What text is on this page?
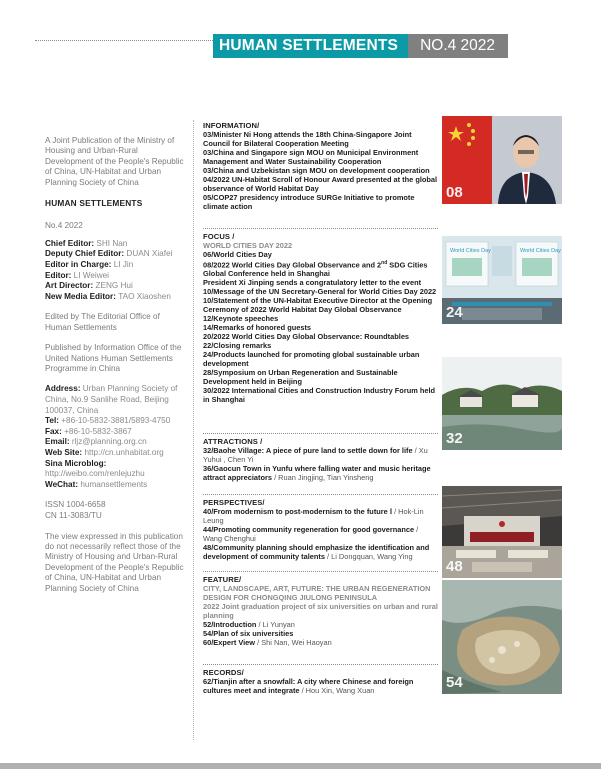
HUMAN SETTLEMENTS	NO.4 2022

A Joint Publication of the Ministry of Housing and Urban-Rural Development of the People's Republic of China, UN-Habitat and Urban Planning Society of China

HUMAN SETTLEMENTS

No.4 2022

Chief Editor: SHI Nan
Deputy Chief Editor: DUAN Xiafei
Editor in Charge: LI Jin
Editor: LI Weiwei
Art Director: ZENG Hui
New Media Editor: TAO Xiaoshen

Edited by The Editorial Office of Human Settlements

Published by Information Office of the United Nations Human Settlements Programme in China

Address: Urban Planning Society of China, No.9 Sanlihe Road, Beijing 100037, China
Tel: +86-10-5832-3881/5893-4750
Fax: +86-10-5832-3867
Email: rljz@planning.org.cn
Web Site: http://cn.unhabitat.org
Sina Microblog: http://weibo.com/renlejuzhu
WeChat: humansettlements
ISSN 1004-6658
CN 11-3083/TU

The view expressed in this publication do not necessarily reflect those of the Ministry of Housing and Urban-Rural Development of the People's Republic of China, UN-Habitat and Urban Planning Society of China

INFORMATION/
03/Minister Ni Hong attends the 18th China-Singapore Joint Council for Bilateral Cooperation Meeting
03/China and Singapore sign MOU on Municipal Environment Management and Water Sustainability Cooperation
03/China and Uzbekistan sign MOU on development cooperation
04/2022 UN-Habitat Scroll of Honour Award presented at the global observance of World Habitat Day
05/COP27 presidency introduce SURGe Initiative to promote climate action
FOCUS /
WORLD CITIES DAY 2022
06/World Cities Day
08/2022 World Cities Day Global Observance and 2nd SDG Cities
Global Conference held in Shanghai
President Xi Jinping sends a congratulatory letter to the event
10/Message of the UN Secretary-General for World Cities Day 2022
10/Statement of the UN-Habitat Executive Director at the Opening Ceremony of 2022 World Habitat Day Global Observance
12/Keynote speeches
14/Remarks of honored guests
20/2022 World Cities Day Global Observance: Roundtables
22/Closing remarks
24/Products launched for promoting global sustainable urban development
28/Symposium on Urban Regeneration and Sustainable Development held in Beijing
30/2022 International Cities and Construction Industry Forum held in Shanghai
ATTRACTIONS /
32/Baohe Village: A piece of pure land to settle down for life / Xu Yuhui , Chen Yi
36/Gaocun Town in Yunfu where falling water and music heritage attract appreciators / Ruan Jingjing, Tian Yinsheng
PERSPECTIVES/
40/From modernism to post-modernism to the future Ⅰ / Hok-Lin Leung
44/Promoting community regeneration for good governance / Wang Chenghui
48/Community planning should emphasize the identification and development of community talents / Li Dongquan, Wang Ying
FEATURE/
CITY, LANDSCAPE, ART, FUTURE: THE URBAN REGENERATION DESIGN FOR CHONGQING JIULONG PENINSULA
2022 Joint graduation project of six universities on urban and rural planning
52/Introduction / Li Yunyan
54/Plan of six universities
60/Expert View / Shi Nan, Wei Haoyan
RECORDS/
62/Tianjin after a snowfall: A city where Chinese and foreign cultures meet and integrate / Hou Xin, Wang Xuan
08
World Cities Day	World Cities Day
24
32
48
54
